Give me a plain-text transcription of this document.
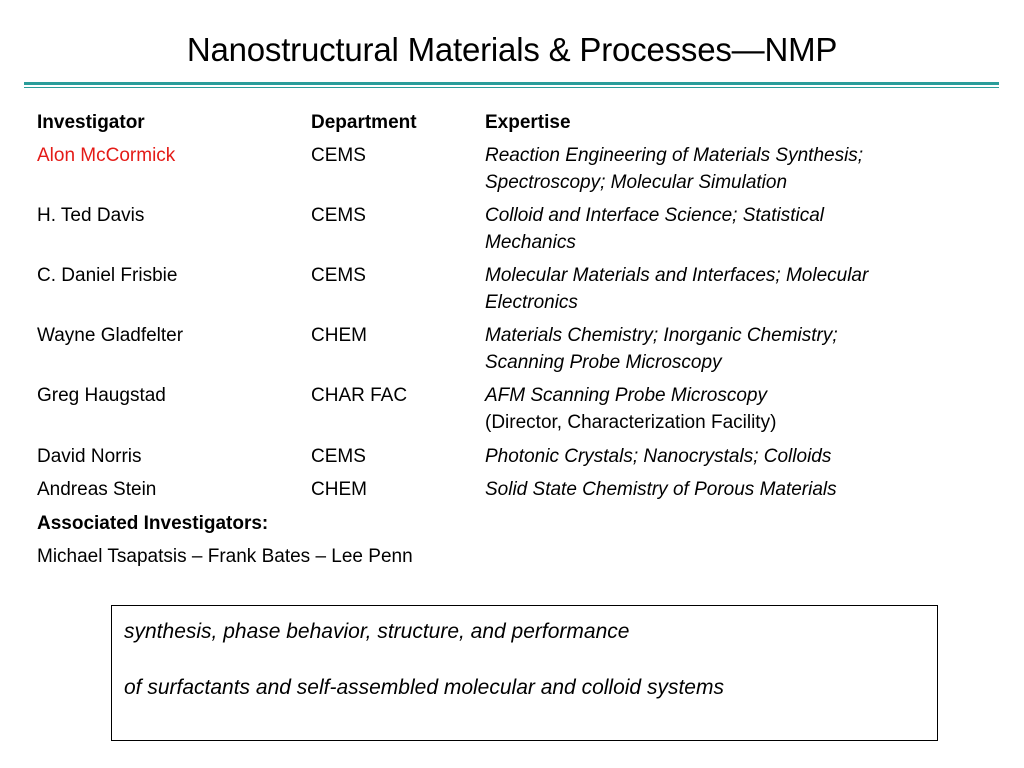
Nanostructural Materials & Processes—NMP
Investigator	Department	Expertise
Alon McCormick	CEMS	Reaction Engineering of Materials Synthesis;
Spectroscopy; Molecular Simulation
H. Ted Davis	CEMS	Colloid and Interface Science; Statistical
Mechanics
C. Daniel Frisbie	CEMS	Molecular Materials and Interfaces; Molecular
Electronics
Wayne Gladfelter	CHEM	Materials Chemistry; Inorganic Chemistry;
Scanning Probe Microscopy
Greg Haugstad	CHAR FAC	AFM Scanning Probe Microscopy
(Director, Characterization Facility)
David Norris	CEMS	Photonic Crystals; Nanocrystals; Colloids
Andreas Stein	CHEM	Solid State Chemistry of Porous Materials
Associated Investigators:
Michael Tsapatsis – Frank Bates – Lee Penn
synthesis, phase behavior, structure, and performance
of surfactants and self-assembled molecular and colloid systems
